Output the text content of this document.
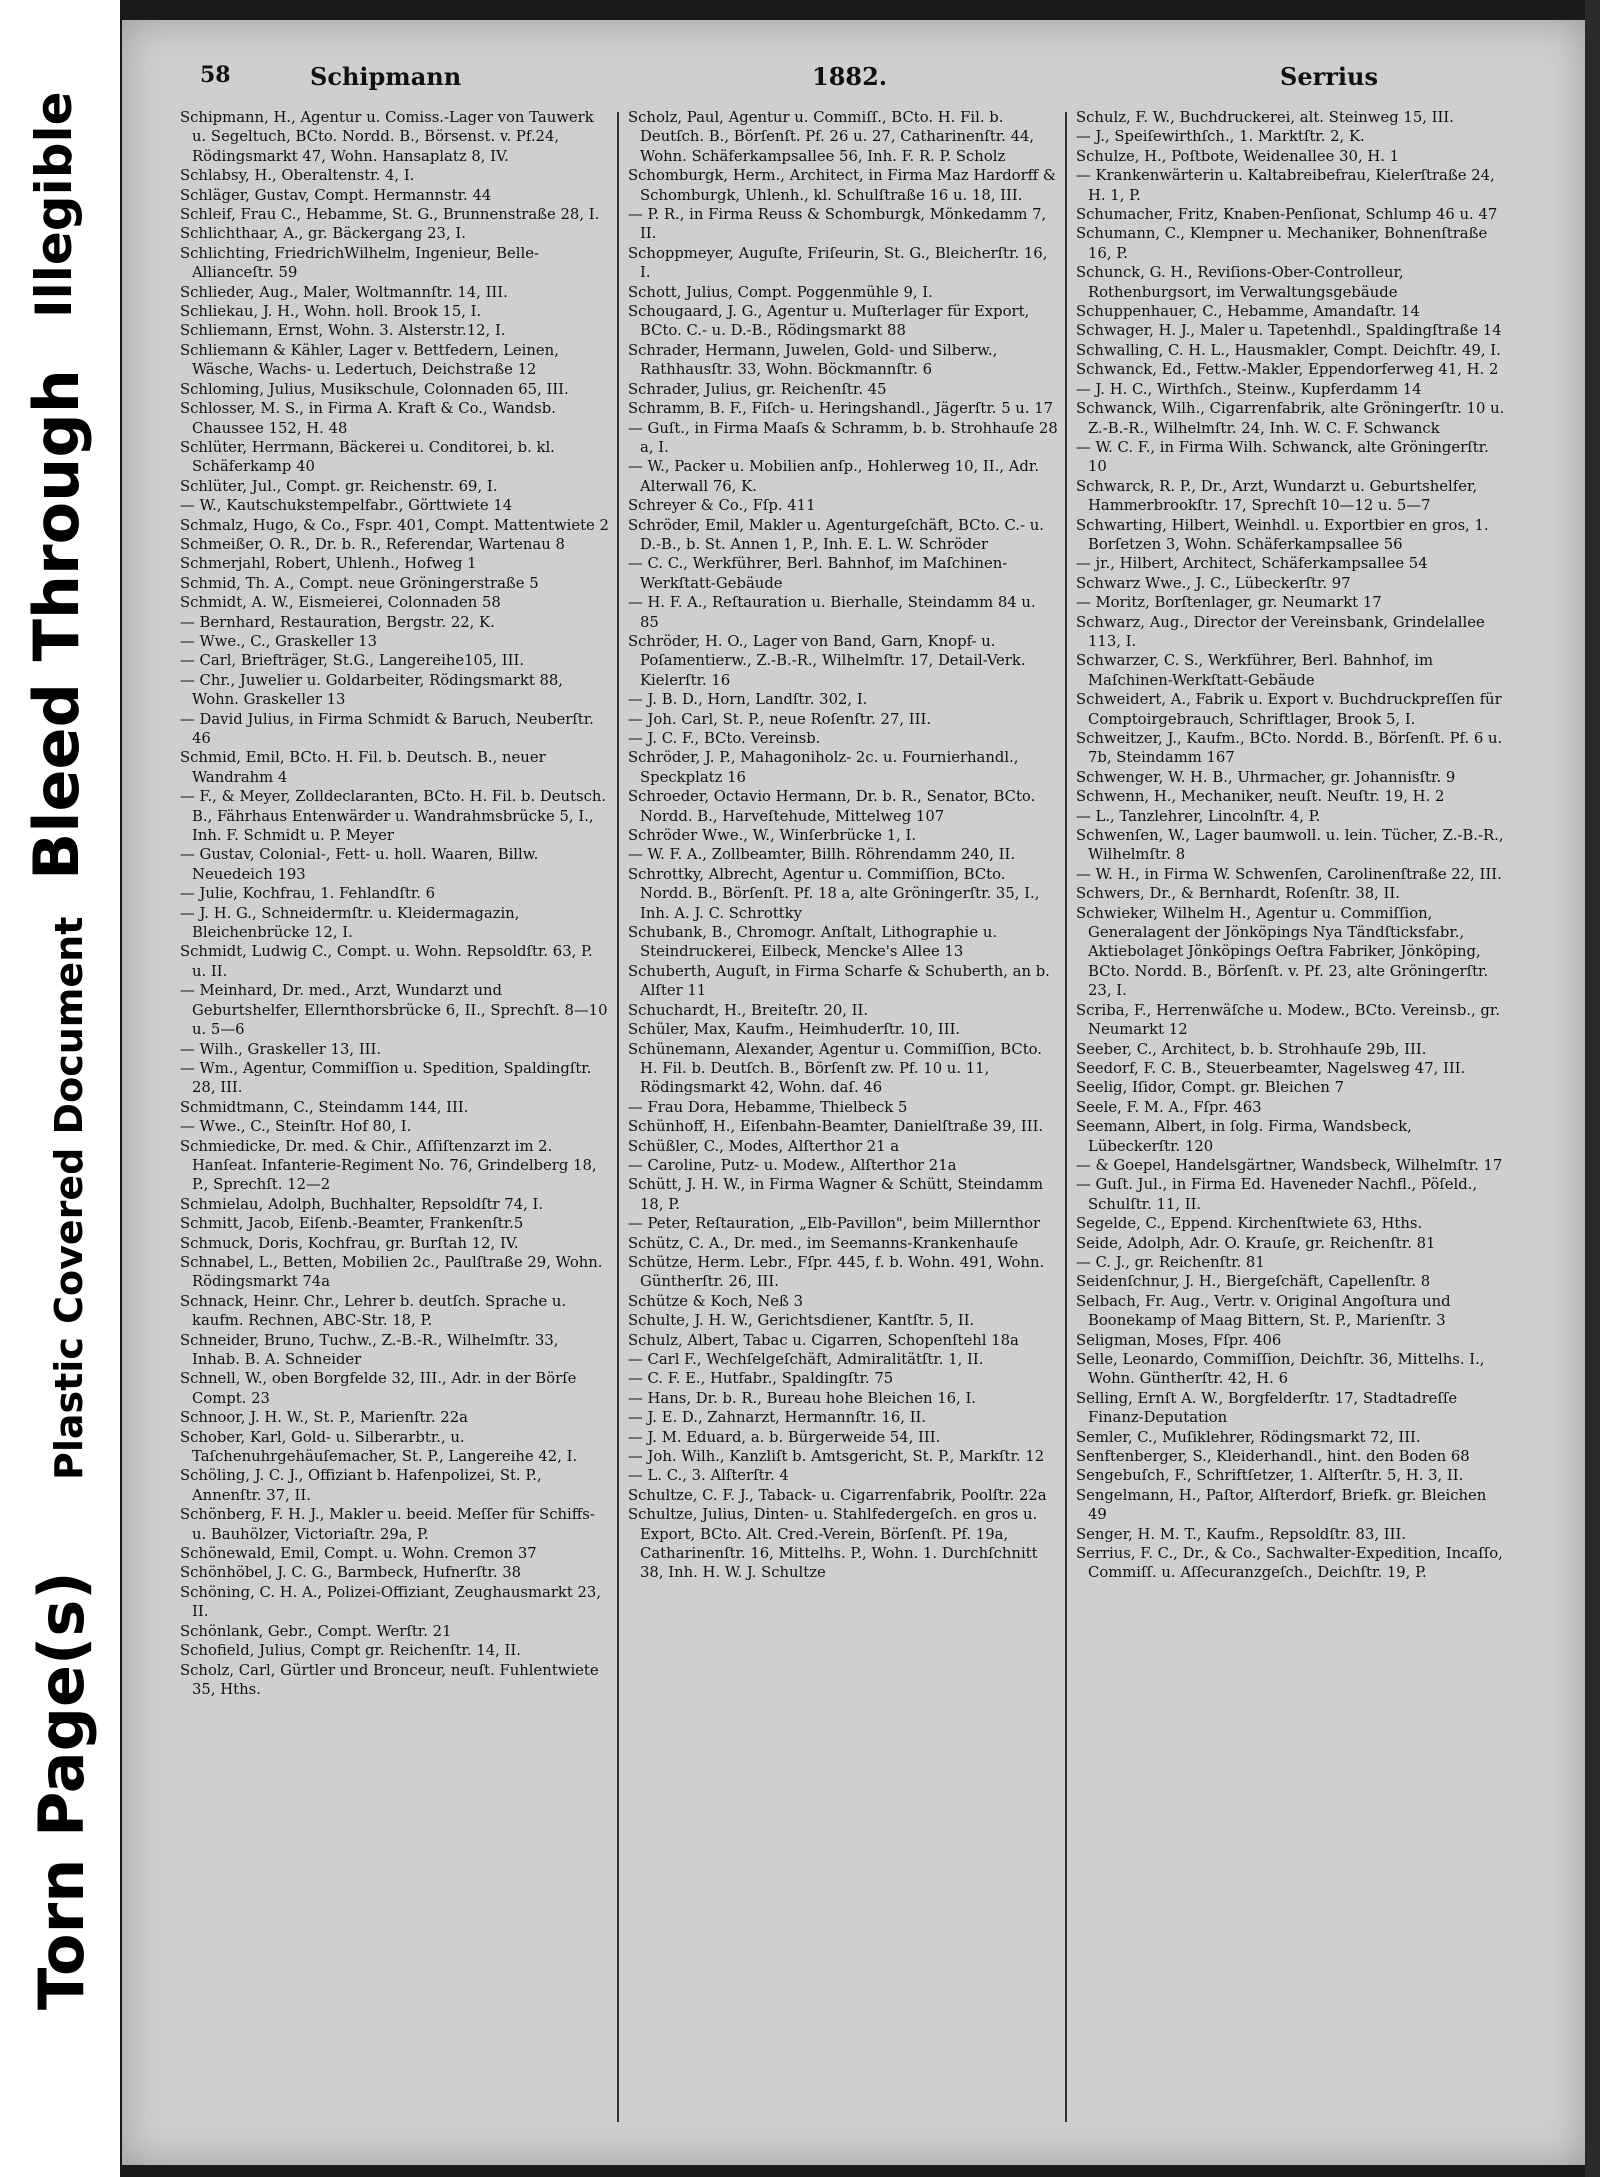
Illegible
Bleed Through
Plastic Covered Document
Torn Page(s)
58	Schipmann	1882.	Serrius

Schipmann, H., Agentur u. Comiss.-Lager von Tauwerk u. Segeltuch, BCto. Nordd. B., Börsenst. v. Pf.24, Rödingsmarkt 47, Wohn. Hansaplatz 8, IV.

Schlabsy, H., Oberaltenstr. 4, I.

Schläger, Gustav, Compt. Hermannstr. 44

Schleif, Frau C., Hebamme, St. G., Brunnenstraße 28, I.

Schlichthaar, A., gr. Bäckergang 23, I.

Schlichting, FriedrichWilhelm, Ingenieur, Belle-Allianceſtr. 59

Schlieder, Aug., Maler, Woltmannſtr. 14, III.

Schliekau, J. H., Wohn. holl. Brook 15, I.

Schliemann, Ernst, Wohn. 3. Alsterstr.12, I.

Schliemann & Kähler, Lager v. Bettfedern, Leinen, Wäsche, Wachs- u. Ledertuch, Deichstraße 12

Schloming, Julius, Musikschule, Colonnaden 65, III.

Schlosser, M. S., in Firma A. Kraft & Co., Wandsb. Chaussee 152, H. 48

Schlüter, Herrmann, Bäckerei u. Conditorei, b. kl. Schäferkamp 40

Schlüter, Jul., Compt. gr. Reichenstr. 69, I.

— W., Kautschukstempelfabr., Görttwiete 14

Schmalz, Hugo, & Co., Fspr. 401, Compt. Mattentwiete 2

Schmeißer, O. R., Dr. b. R., Referendar, Wartenau 8

Schmerjahl, Robert, Uhlenh., Hofweg 1

Schmid, Th. A., Compt. neue Gröningerstraße 5

Schmidt, A. W., Eismeierei, Colonnaden 58

— Bernhard, Restauration, Bergstr. 22, K.

— Wwe., C., Graskeller 13

— Carl, Briefträger, St.G., Langereihe105, III.

— Chr., Juwelier u. Goldarbeiter, Rödingsmarkt 88, Wohn. Graskeller 13

— David Julius, in Firma Schmidt & Baruch, Neuberſtr. 46

Schmid, Emil, BCto. H. Fil. b. Deutsch. B., neuer Wandrahm 4

— F., & Meyer, Zolldeclaranten, BCto. H. Fil. b. Deutsch. B., Fährhaus Entenwärder u. Wandrahmsbrücke 5, I., Inh. F. Schmidt u. P. Meyer

— Gustav, Colonial-, Fett- u. holl. Waaren, Billw. Neuedeich 193

— Julie, Kochfrau, 1. Fehlandſtr. 6

— J. H. G., Schneidermſtr. u. Kleidermagazin, Bleichenbrücke 12, I.

Schmidt, Ludwig C., Compt. u. Wohn. Repsoldſtr. 63, P. u. II.

— Meinhard, Dr. med., Arzt, Wundarzt und Geburtshelfer, Ellernthorsbrücke 6, II., Sprechſt. 8—10 u. 5—6

— Wilh., Graskeller 13, III.

— Wm., Agentur, Commiſſion u. Spedition, Spaldingſtr. 28, III.

Schmidtmann, C., Steindamm 144, III.

— Wwe., C., Steinſtr. Hof 80, I.

Schmiedicke, Dr. med. & Chir., Aſſiſtenzarzt im 2. Hanſeat. Infanterie-Regiment No. 76, Grindelberg 18, P., Sprechſt. 12—2

Schmielau, Adolph, Buchhalter, Repsoldſtr 74, I.

Schmitt, Jacob, Eiſenb.-Beamter, Frankenſtr.5

Schmuck, Doris, Kochfrau, gr. Burſtah 12, IV.

Schnabel, L., Betten, Mobilien 2c., Paulſtraße 29, Wohn. Rödingsmarkt 74a

Schnack, Heinr. Chr., Lehrer b. deutſch. Sprache u. kaufm. Rechnen, ABC-Str. 18, P.

Schneider, Bruno, Tuchw., Z.-B.-R., Wilhelmſtr. 33, Inhab. B. A. Schneider

Schnell, W., oben Borgfelde 32, III., Adr. in der Börſe Compt. 23

Schnoor, J. H. W., St. P., Marienſtr. 22a

Schober, Karl, Gold- u. Silberarbtr., u. Taſchenuhrgehäuſemacher, St. P., Langereihe 42, I.

Schöling, J. C. J., Offiziant b. Hafenpolizei, St. P., Annenſtr. 37, II.

Schönberg, F. H. J., Makler u. beeid. Meſſer für Schiffs- u. Bauhölzer, Victoriaſtr. 29a, P.

Schönewald, Emil, Compt. u. Wohn. Cremon 37

Schönhöbel, J. C. G., Barmbeck, Hufnerſtr. 38

Schöning, C. H. A., Polizei-Offiziant, Zeughausmarkt 23, II.

Schönlank, Gebr., Compt. Werſtr. 21

Schofield, Julius, Compt gr. Reichenſtr. 14, II.

Scholz, Carl, Gürtler und Bronceur, neuſt. Fuhlentwiete 35, Hths.

Scholz, Paul, Agentur u. Commiſſ., BCto. H. Fil. b. Deutſch. B., Börſenſt. Pf. 26 u. 27, Catharinenſtr. 44, Wohn. Schäferkampsallee 56, Inh. F. R. P. Scholz

Schomburgk, Herm., Architect, in Firma Maz Hardorff & Schomburgk, Uhlenh., kl. Schulſtraße 16 u. 18, III.

— P. R., in Firma Reuss & Schomburgk, Mönkedamm 7, II.

Schoppmeyer, Auguſte, Friſeurin, St. G., Bleicherſtr. 16, I.

Schott, Julius, Compt. Poggenmühle 9, I.

Schougaard, J. G., Agentur u. Muſterlager für Export, BCto. C.- u. D.-B., Rödingsmarkt 88

Schrader, Hermann, Juwelen, Gold- und Silberw., Rathhausſtr. 33, Wohn. Böckmannſtr. 6

Schrader, Julius, gr. Reichenſtr. 45

Schramm, B. F., Fiſch- u. Heringshandl., Jägerſtr. 5 u. 17

— Guſt., in Firma Maaſs & Schramm, b. b. Strohhauſe 28 a, I.

— W., Packer u. Mobilien anſp., Hohlerweg 10, II., Adr. Alterwall 76, K.

Schreyer & Co., Fſp. 411

Schröder, Emil, Makler u. Agenturgeſchäft, BCto. C.- u. D.-B., b. St. Annen 1, P., Inh. E. L. W. Schröder

— C. C., Werkführer, Berl. Bahnhof, im Maſchinen-Werkſtatt-Gebäude

— H. F. A., Reſtauration u. Bierhalle, Steindamm 84 u. 85

Schröder, H. O., Lager von Band, Garn, Knopf- u. Poſamentierw., Z.-B.-R., Wilhelmſtr. 17, Detail-Verk. Kielerſtr. 16

— J. B. D., Horn, Landſtr. 302, I.

— Joh. Carl, St. P., neue Roſenſtr. 27, III.

— J. C. F., BCto. Vereinsb.

Schröder, J. P., Mahagoniholz- 2c. u. Fournierhandl., Speckplatz 16

Schroeder, Octavio Hermann, Dr. b. R., Senator, BCto. Nordd. B., Harveſtehude, Mittelweg 107

Schröder Wwe., W., Winſerbrücke 1, I.

— W. F. A., Zollbeamter, Billh. Röhrendamm 240, II.

Schrottky, Albrecht, Agentur u. Commiſſion, BCto. Nordd. B., Börſenſt. Pf. 18 a, alte Gröningerſtr. 35, I., Inh. A. J. C. Schrottky

Schubank, B., Chromogr. Anſtalt, Lithographie u. Steindruckerei, Eilbeck, Mencke's Allee 13

Schuberth, Auguſt, in Firma Scharfe & Schuberth, an b. Alſter 11

Schuchardt, H., Breiteſtr. 20, II.

Schüler, Max, Kaufm., Heimhuderſtr. 10, III.

Schünemann, Alexander, Agentur u. Commiſſion, BCto. H. Fil. b. Deutſch. B., Börſenſt zw. Pf. 10 u. 11, Rödingsmarkt 42, Wohn. daſ. 46

— Frau Dora, Hebamme, Thielbeck 5

Schünhoff, H., Eiſenbahn-Beamter, Danielſtraße 39, III.

Schüßler, C., Modes, Alſterthor 21 a

— Caroline, Putz- u. Modew., Alſterthor 21a

Schütt, J. H. W., in Firma Wagner & Schütt, Steindamm 18, P.

— Peter, Reſtauration, „Elb-Pavillon", beim Millernthor

Schütz, C. A., Dr. med., im Seemanns-Krankenhauſe

Schütze, Herm. Lebr., Fſpr. 445, f. b. Wohn. 491, Wohn. Güntherſtr. 26, III.

Schütze & Koch, Neß 3

Schulte, J. H. W., Gerichtsdiener, Kantſtr. 5, II.

Schulz, Albert, Tabac u. Cigarren, Schopenſtehl 18a

— Carl F., Wechſelgeſchäft, Admiralitätſtr. 1, II.

— C. F. E., Hutfabr., Spaldingſtr. 75

— Hans, Dr. b. R., Bureau hohe Bleichen 16, I.

— J. E. D., Zahnarzt, Hermannſtr. 16, II.

— J. M. Eduard, a. b. Bürgerweide 54, III.

— Joh. Wilh., Kanzliſt b. Amtsgericht, St. P., Markſtr. 12

— L. C., 3. Alſterſtr. 4

Schultze, C. F. J., Taback- u. Cigarrenfabrik, Poolſtr. 22a

Schultze, Julius, Dinten- u. Stahlfedergeſch. en gros u. Export, BCto. Alt. Cred.-Verein, Börſenſt. Pf. 19a, Catharinenſtr. 16, Mittelhs. P., Wohn. 1. Durchſchnitt 38, Inh. H. W. J. Schultze

Schulz, F. W., Buchdruckerei, alt. Steinweg 15, III.

— J., Speiſewirthſch., 1. Marktſtr. 2, K.

Schulze, H., Poſtbote, Weidenallee 30, H. 1

— Krankenwärterin u. Kaltabreibefrau, Kielerſtraße 24, H. 1, P.

Schumacher, Fritz, Knaben-Penſionat, Schlump 46 u. 47

Schumann, C., Klempner u. Mechaniker, Bohnenſtraße 16, P.

Schunck, G. H., Reviſions-Ober-Controlleur, Rothenburgsort, im Verwaltungsgebäude

Schuppenhauer, C., Hebamme, Amandaſtr. 14

Schwager, H. J., Maler u. Tapetenhdl., Spaldingſtraße 14

Schwalling, C. H. L., Hausmakler, Compt. Deichſtr. 49, I.

Schwanck, Ed., Fettw.-Makler, Eppendorferweg 41, H. 2

— J. H. C., Wirthſch., Steinw., Kupferdamm 14

Schwanck, Wilh., Cigarrenfabrik, alte Gröningerſtr. 10 u. Z.-B.-R., Wilhelmſtr. 24, Inh. W. C. F. Schwanck

— W. C. F., in Firma Wilh. Schwanck, alte Gröningerſtr. 10

Schwarck, R. P., Dr., Arzt, Wundarzt u. Geburtshelfer, Hammerbrookſtr. 17, Sprechſt 10—12 u. 5—7

Schwarting, Hilbert, Weinhdl. u. Exportbier en gros, 1. Borſetzen 3, Wohn. Schäferkampsallee 56

— jr., Hilbert, Architect, Schäferkampsallee 54

Schwarz Wwe., J. C., Lübeckerſtr. 97

— Moritz, Borſtenlager, gr. Neumarkt 17

Schwarz, Aug., Director der Vereinsbank, Grindelallee 113, I.

Schwarzer, C. S., Werkführer, Berl. Bahnhof, im Maſchinen-Werkſtatt-Gebäude

Schweidert, A., Fabrik u. Export v. Buchdruckpreſſen für Comptoirgebrauch, Schriftlager, Brook 5, I.

Schweitzer, J., Kaufm., BCto. Nordd. B., Börſenſt. Pf. 6 u. 7b, Steindamm 167

Schwenger, W. H. B., Uhrmacher, gr. Johannisſtr. 9

Schwenn, H., Mechaniker, neuſt. Neuſtr. 19, H. 2

— L., Tanzlehrer, Lincolnſtr. 4, P.

Schwenſen, W., Lager baumwoll. u. lein. Tücher, Z.-B.-R., Wilhelmſtr. 8

— W. H., in Firma W. Schwenſen, Carolinenſtraße 22, III.

Schwers, Dr., & Bernhardt, Roſenſtr. 38, II.

Schwieker, Wilhelm H., Agentur u. Commiſſion, Generalagent der Jönköpings Nya Tändſticksfabr., Aktiebolaget Jönköpings Oeſtra Fabriker, Jönköping, BCto. Nordd. B., Börſenſt. v. Pf. 23, alte Gröningerſtr. 23, I.

Scriba, F., Herrenwäſche u. Modew., BCto. Vereinsb., gr. Neumarkt 12

Seeber, C., Architect, b. b. Strohhauſe 29b, III.

Seedorf, F. C. B., Steuerbeamter, Nagelsweg 47, III.

Seelig, Iſidor, Compt. gr. Bleichen 7

Seele, F. M. A., Fſpr. 463

Seemann, Albert, in ſolg. Firma, Wandsbeck, Lübeckerſtr. 120

— & Goepel, Handelsgärtner, Wandsbeck, Wilhelmſtr. 17

— Guſt. Jul., in Firma Ed. Haveneder Nachfl., Pöſeld., Schulſtr. 11, II.

Segelde, C., Eppend. Kirchenſtwiete 63, Hths.

Seide, Adolph, Adr. O. Krauſe, gr. Reichenſtr. 81

— C. J., gr. Reichenſtr. 81

Seidenſchnur, J. H., Biergeſchäft, Capellenſtr. 8

Selbach, Fr. Aug., Vertr. v. Original Angoſtura und Boonekamp of Maag Bittern, St. P., Marienſtr. 3

Seligman, Moses, Fſpr. 406

Selle, Leonardo, Commiſſion, Deichſtr. 36, Mittelhs. I., Wohn. Güntherſtr. 42, H. 6

Selling, Ernſt A. W., Borgfelderſtr. 17, Stadtadreſſe Finanz-Deputation

Semler, C., Muſiklehrer, Rödingsmarkt 72, III.

Senftenberger, S., Kleiderhandl., hint. den Boden 68

Sengebuſch, F., Schriftſetzer, 1. Alſterſtr. 5, H. 3, II.

Sengelmann, H., Paſtor, Alſterdorf, Briefk. gr. Bleichen 49

Senger, H. M. T., Kaufm., Repsoldſtr. 83, III.

Serrius, F. C., Dr., & Co., Sachwalter-Expedition, Incaſſo, Commiſſ. u. Aſſecuranzgeſch., Deichſtr. 19, P.
